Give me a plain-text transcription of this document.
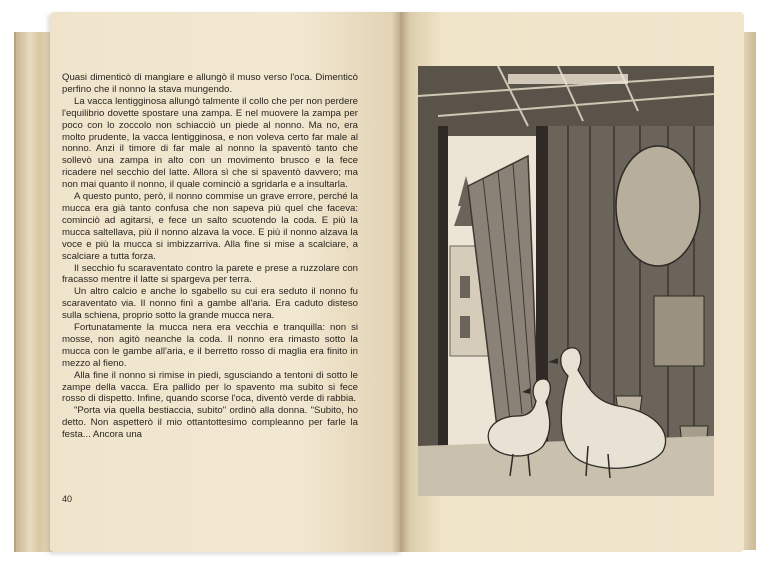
Quasi dimenticò di mangiare e allungò il muso verso l'oca. Dimenticò perfino che il nonno la stava mungendo.

La vacca lentigginosa allungò talmente il collo che per non perdere l'equilibrio dovette spostare una zampa. E nel muovere la zampa per poco con lo zoccolo non schiacciò un piede al nonno. Ma no, era molto prudente, la vacca lentigginosa, e non voleva certo far male al nonno. Anzi il timore di far male al nonno la spaventò tanto che sollevò una zampa in alto con un movimento brusco e la fece ricadere nel secchio del latte. Allora sì che si spaventò davvero; ma non mai quanto il nonno, il quale cominciò a sgridarla e a insultarla.

A questo punto, però, il nonno commise un grave errore, perché la mucca era già tanto confusa che non sapeva più quel che faceva: cominciò ad agitarsi, e fece un salto scuotendo la coda. E più la mucca saltellava, più il nonno alzava la voce. E più il nonno alzava la voce e più la mucca si imbizzarriva. Alla fine si mise a scalciare, a scalciare a tutta forza.

Il secchio fu scaraventato contro la parete e prese a ruzzolare con fracasso mentre il latte si spargeva per terra.

Un altro calcio e anche lo sgabello su cui era seduto il nonno fu scaraventato via. Il nonno finì a gambe all'aria. Era caduto disteso sulla schiena, proprio sotto la grande mucca nera.

Fortunatamente la mucca nera era vecchia e tranquilla: non si mosse, non agitò neanche la coda. Il nonno era rimasto sotto la mucca con le gambe all'aria, e il berretto rosso di maglia era finito in mezzo al fieno.

Alla fine il nonno si rimise in piedi, sgusciando a tentoni di sotto le zampe della vacca. Era pallido per lo spavento ma subito si fece rosso di dispetto. Infine, quando scorse l'oca, diventò verde di rabbia.

"Porta via quella bestiaccia, subito" ordinò alla donna. "Subito, ho detto. Non aspetterò il mio ottantottesimo compleanno per farle la festa... Ancora una

40
